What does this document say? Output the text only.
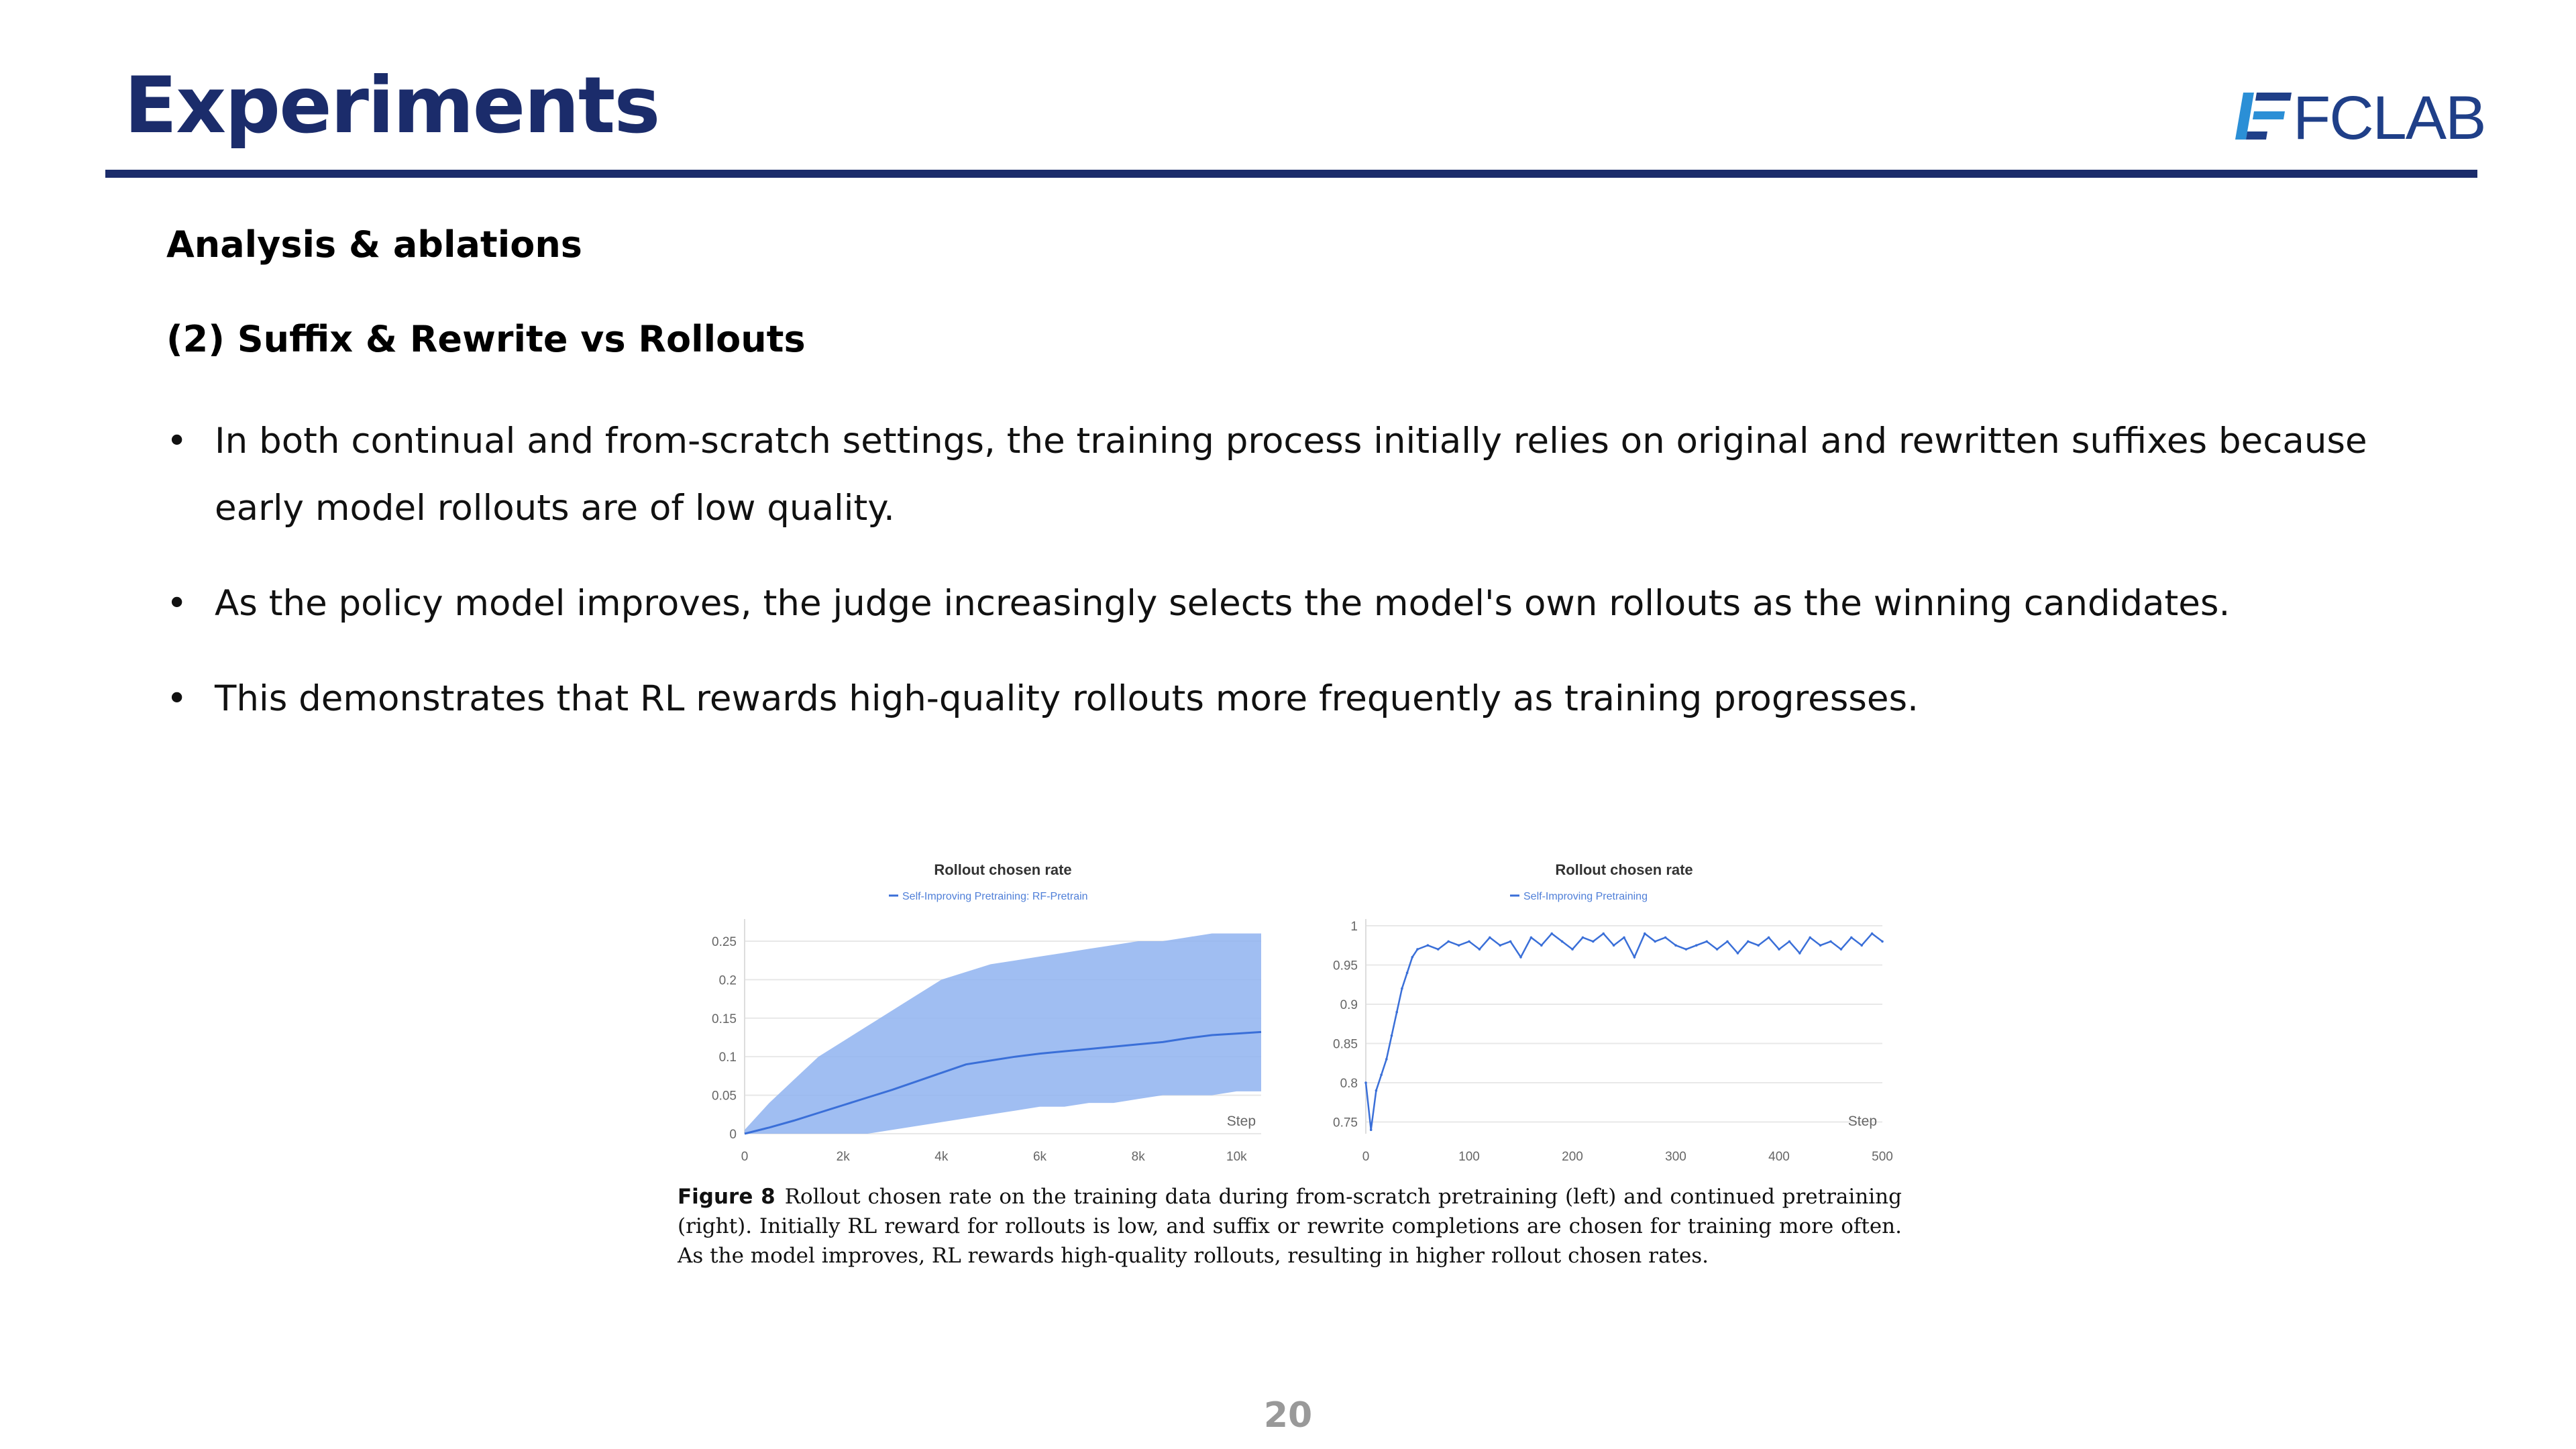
Experiments	FCLAB
Analysis & ablations
(2) Suffix & Rewrite vs Rollouts
• In both continual and from-scratch settings, the training process initially relies on original and rewritten suffixes because early model rollouts are of low quality.
• As the policy model improves, the judge increasingly selects the model's own rollouts as the winning candidates.
• This demonstrates that RL rewards high-quality rollouts more frequently as training progresses.
Rollout chosen rate
Self-Improving Pretraining: RF-Pretrain
0
0.05
0.1
0.15
0.2
0.25
0	2k	4k	6k	8k	10k
Step
Rollout chosen rate
Self-Improving Pretraining
0.75
0.8
0.85
0.9
0.95
1
0	100	200	300	400	500
Step

Figure 8 Rollout chosen rate on the training data during from-scratch pretraining (left) and continued pretraining (right). Initially RL reward for rollouts is low, and suffix or rewrite completions are chosen for training more often. As the model improves, RL rewards high-quality rollouts, resulting in higher rollout chosen rates.

20
